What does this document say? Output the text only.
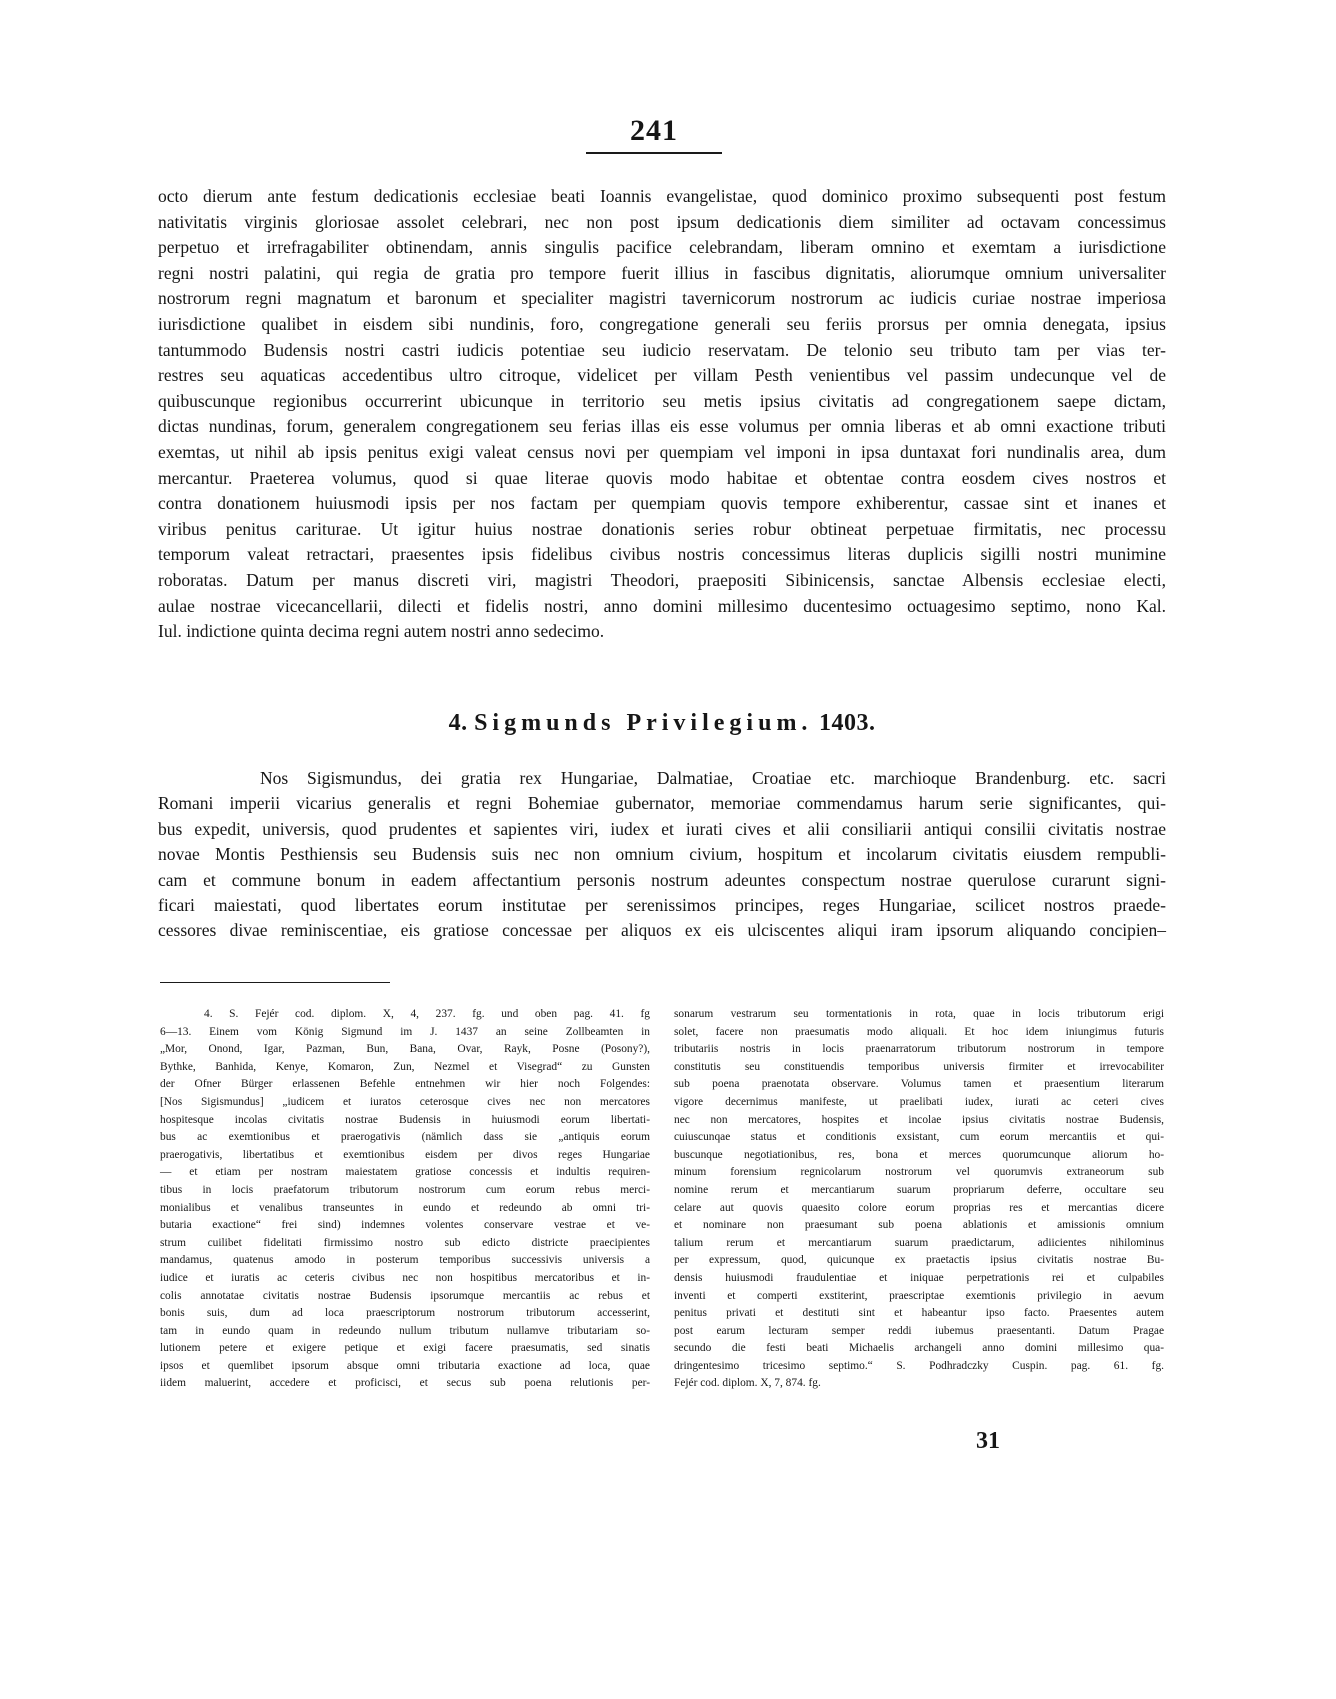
241
octo dierum ante festum dedicationis ecclesiae beati Ioannis evangelistae, quod dominico proximo subsequenti post festum
nativitatis virginis gloriosae assolet celebrari, nec non post ipsum dedicationis diem similiter ad octavam concessimus
perpetuo et irrefragabiliter obtinendam, annis singulis pacifice celebrandam, liberam omnino et exemtam a iurisdictione
regni nostri palatini, qui regia de gratia pro tempore fuerit illius in fascibus dignitatis, aliorumque omnium universaliter
nostrorum regni magnatum et baronum et specialiter magistri tavernicorum nostrorum ac iudicis curiae nostrae imperiosa
iurisdictione qualibet in eisdem sibi nundinis, foro, congregatione generali seu feriis prorsus per omnia denegata, ipsius
tantummodo Budensis nostri castri iudicis potentiae seu iudicio reservatam. De telonio seu tributo tam per vias ter-
restres seu aquaticas accedentibus ultro citroque, videlicet per villam Pesth venientibus vel passim undecunque vel de
quibuscunque regionibus occurrerint ubicunque in territorio seu metis ipsius civitatis ad congregationem saepe dictam,
dictas nundinas, forum, generalem congregationem seu ferias illas eis esse volumus per omnia liberas et ab omni exactione tributi
exemtas, ut nihil ab ipsis penitus exigi valeat census novi per quempiam vel imponi in ipsa duntaxat fori nundinalis area, dum
mercantur. Praeterea volumus, quod si quae literae quovis modo habitae et obtentae contra eosdem cives nostros et
contra donationem huiusmodi ipsis per nos factam per quempiam quovis tempore exhiberentur, cassae sint et inanes et
viribus penitus cariturae. Ut igitur huius nostrae donationis series robur obtineat perpetuae firmitatis, nec processu
temporum valeat retractari, praesentes ipsis fidelibus civibus nostris concessimus literas duplicis sigilli nostri munimine
roboratas. Datum per manus discreti viri, magistri Theodori, praepositi Sibinicensis, sanctae Albensis ecclesiae electi,
aulae nostrae vicecancellarii, dilecti et fidelis nostri, anno domini millesimo ducentesimo octuagesimo septimo, nono Kal.
Iul. indictione quinta decima regni autem nostri anno sedecimo.
4. Sigmunds Privilegium. 1403.
Nos Sigismundus, dei gratia rex Hungariae, Dalmatiae, Croatiae etc. marchioque Brandenburg. etc. sacri
Romani imperii vicarius generalis et regni Bohemiae gubernator, memoriae commendamus harum serie significantes, qui-
bus expedit, universis, quod prudentes et sapientes viri, iudex et iurati cives et alii consiliarii antiqui consilii civitatis nostrae
novae Montis Pesthiensis seu Budensis suis nec non omnium civium, hospitum et incolarum civitatis eiusdem rempubli-
cam et commune bonum in eadem affectantium personis nostrum adeuntes conspectum nostrae querulose curarunt signi-
ficari maiestati, quod libertates eorum institutae per serenissimos principes, reges Hungariae, scilicet nostros praede-
cessores divae reminiscentiae, eis gratiose concessae per aliquos ex eis ulciscentes aliqui iram ipsorum aliquando concipien–
4. S. Fejér cod. diplom. X, 4, 237. fg. und oben pag. 41. fg
6—13. Einem vom König Sigmund im J. 1437 an seine Zollbeamten in
„Mor, Onond, Igar, Pazman, Bun, Bana, Ovar, Rayk, Posne (Posony?),
Bythke, Banhida, Kenye, Komaron, Zun, Nezmel et Visegrad“ zu Gunsten
der Ofner Bürger erlassenen Befehle entnehmen wir hier noch Folgendes:
[Nos Sigismundus] „iudicem et iuratos ceterosque cives nec non mercatores
hospitesque incolas civitatis nostrae Budensis in huiusmodi eorum libertati-
bus ac exemtionibus et praerogativis (nämlich dass sie „antiquis eorum
praerogativis, libertatibus et exemtionibus eisdem per divos reges Hungariae
— et etiam per nostram maiestatem gratiose concessis et indultis requiren-
tibus in locis praefatorum tributorum nostrorum cum eorum rebus merci-
monialibus et venalibus transeuntes in eundo et redeundo ab omni tri-
butaria exactione“ frei sind) indemnes volentes conservare vestrae et ve-
strum cuilibet fidelitati firmissimo nostro sub edicto districte praecipientes
mandamus, quatenus amodo in posterum temporibus successivis universis a
iudice et iuratis ac ceteris civibus nec non hospitibus mercatoribus et in-
colis annotatae civitatis nostrae Budensis ipsorumque mercantiis ac rebus et
bonis suis, dum ad loca praescriptorum nostrorum tributorum accesserint,
tam in eundo quam in redeundo nullum tributum nullamve tributariam so-
lutionem petere et exigere petique et exigi facere praesumatis, sed sinatis
ipsos et quemlibet ipsorum absque omni tributaria exactione ad loca, quae
iidem maluerint, accedere et proficisci, et secus sub poena relutionis per-
sonarum vestrarum seu tormentationis in rota, quae in locis tributorum erigi
solet, facere non praesumatis modo aliquali. Et hoc idem iniungimus futuris
tributariis nostris in locis praenarratorum tributorum nostrorum in tempore
constitutis seu constituendis temporibus universis firmiter et irrevocabiliter
sub poena praenotata observare. Volumus tamen et praesentium literarum
vigore decernimus manifeste, ut praelibati iudex, iurati ac ceteri cives
nec non mercatores, hospites et incolae ipsius civitatis nostrae Budensis,
cuiuscunqae status et conditionis exsistant, cum eorum mercantiis et qui-
buscunque negotiationibus, res, bona et merces quorumcunque aliorum ho-
minum forensium regnicolarum nostrorum vel quorumvis extraneorum sub
nomine rerum et mercantiarum suarum propriarum deferre, occultare seu
celare aut quovis quaesito colore eorum proprias res et mercantias dicere
et nominare non praesumant sub poena ablationis et amissionis omnium
talium rerum et mercantiarum suarum praedictarum, adiicientes nihilominus
per expressum, quod, quicunque ex praetactis ipsius civitatis nostrae Bu-
densis huiusmodi fraudulentiae et iniquae perpetrationis rei et culpabiles
inventi et comperti exstiterint, praescriptae exemtionis privilegio in aevum
penitus privati et destituti sint et habeantur ipso facto. Praesentes autem
post earum lecturam semper reddi iubemus praesentanti. Datum Pragae
secundo die festi beati Michaelis archangeli anno domini millesimo qua-
dringentesimo tricesimo septimo.“ S. Podhradczky Cuspin. pag. 61. fg.
Fejér cod. diplom. X, 7, 874. fg.
31
